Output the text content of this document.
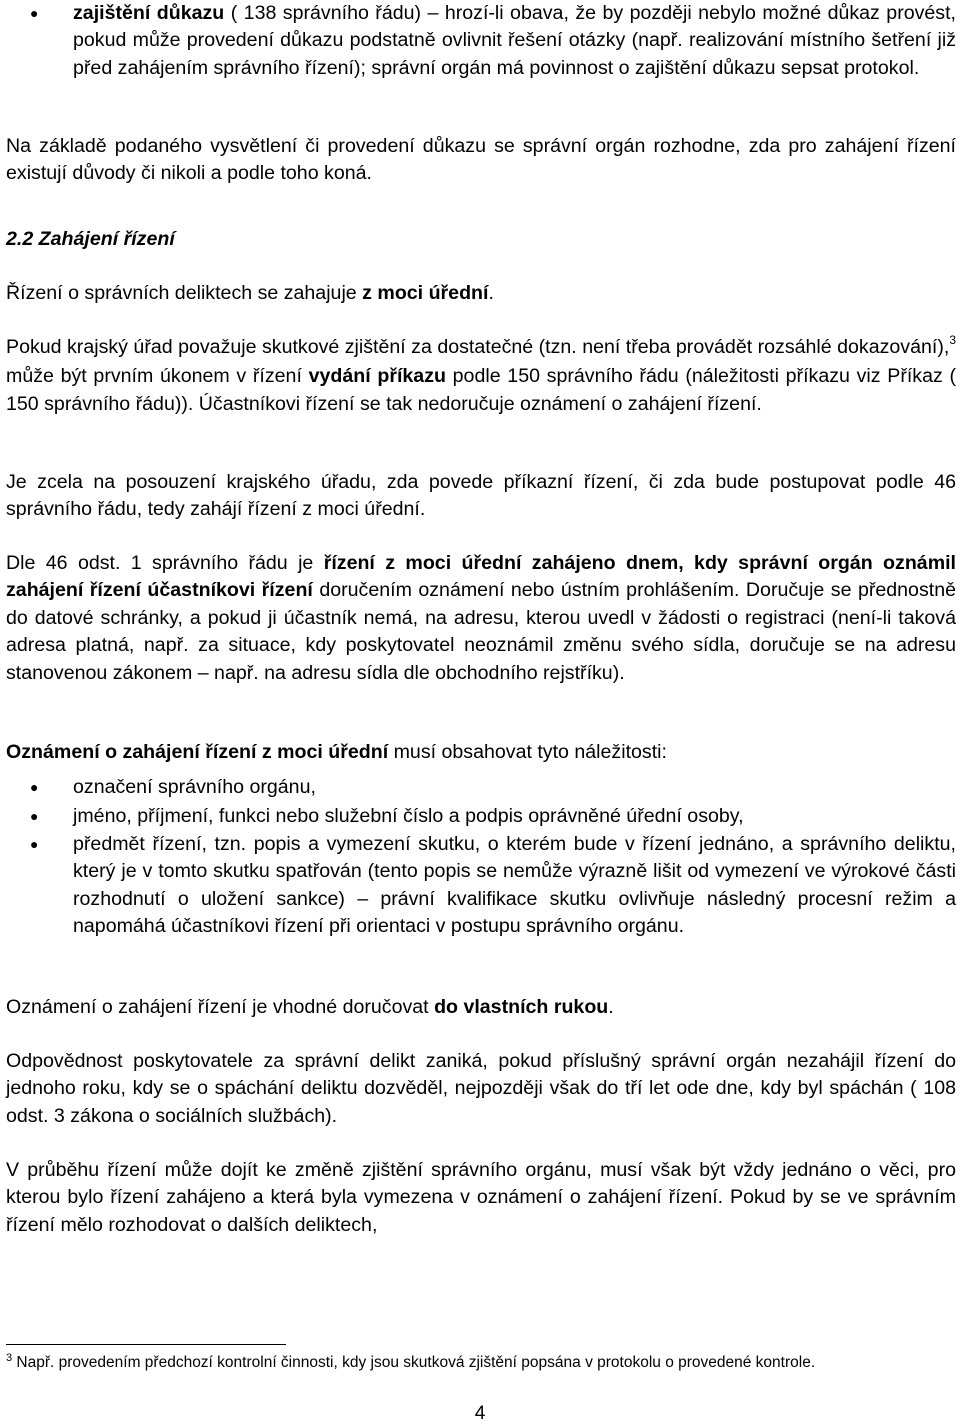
● zajištění důkazu ( 138 správního řádu) – hrozí-li obava, že by později nebylo možné důkaz provést, pokud může provedení důkazu podstatně ovlivnit řešení otázky (např. realizování místního šetření již před zahájením správního řízení); správní orgán má povinnost o zajištění důkazu sepsat protokol.

Na základě podaného vysvětlení či provedení důkazu se správní orgán rozhodne, zda pro zahájení řízení existují důvody či nikoli a podle toho koná.

2.2 Zahájení řízení

Řízení o správních deliktech se zahajuje z moci úřední.

Pokud krajský úřad považuje skutkové zjištění za dostatečné (tzn. není třeba provádět rozsáhlé dokazování),$^3$ může být prvním úkonem v řízení vydání příkazu podle 150 správního řádu (náležitosti příkazu viz Příkaz ( 150 správního řádu)). Účastníkovi řízení se tak nedoručuje oznámení o zahájení řízení.

Je zcela na posouzení krajského úřadu, zda povede příkazní řízení, či zda bude postupovat podle 46 správního řádu, tedy zahájí řízení z moci úřední.

Dle 46 odst. 1 správního řádu je řízení z moci úřední zahájeno dnem, kdy správní orgán oznámil zahájení řízení účastníkovi řízení doručením oznámení nebo ústním prohlášením. Doručuje se přednostně do datové schránky, a pokud ji účastník nemá, na adresu, kterou uvedl v žádosti o registraci (není-li taková adresa platná, např. za situace, kdy poskytovatel neoznámil změnu svého sídla, doručuje se na adresu stanovenou zákonem – např. na adresu sídla dle obchodního rejstříku).

Oznámení o zahájení řízení z moci úřední musí obsahovat tyto náležitosti:

● označení správního orgánu,

● jméno, příjmení, funkci nebo služební číslo a podpis oprávněné úřední osoby,

● předmět řízení, tzn. popis a vymezení skutku, o kterém bude v řízení jednáno, a správního deliktu, který je v tomto skutku spatřován (tento popis se nemůže výrazně lišit od vymezení ve výrokové části rozhodnutí o uložení sankce) – právní kvalifikace skutku ovlivňuje následný procesní režim a napomáhá účastníkovi řízení při orientaci v postupu správního orgánu.

Oznámení o zahájení řízení je vhodné doručovat do vlastních rukou.

Odpovědnost poskytovatele za správní delikt zaniká, pokud příslušný správní orgán nezahájil řízení do jednoho roku, kdy se o spáchání deliktu dozvěděl, nejpozději však do tří let ode dne, kdy byl spáchán ( 108 odst. 3 zákona o sociálních službách).

V průběhu řízení může dojít ke změně zjištění správního orgánu, musí však být vždy jednáno o věci, pro kterou bylo řízení zahájeno a která byla vymezena v oznámení o zahájení řízení. Pokud by se ve správním řízení mělo rozhodovat o dalších deliktech,

$^3$ Např. provedením předchozí kontrolní činnosti, kdy jsou skutková zjištění popsána v protokolu o provedené kontrole.

4
